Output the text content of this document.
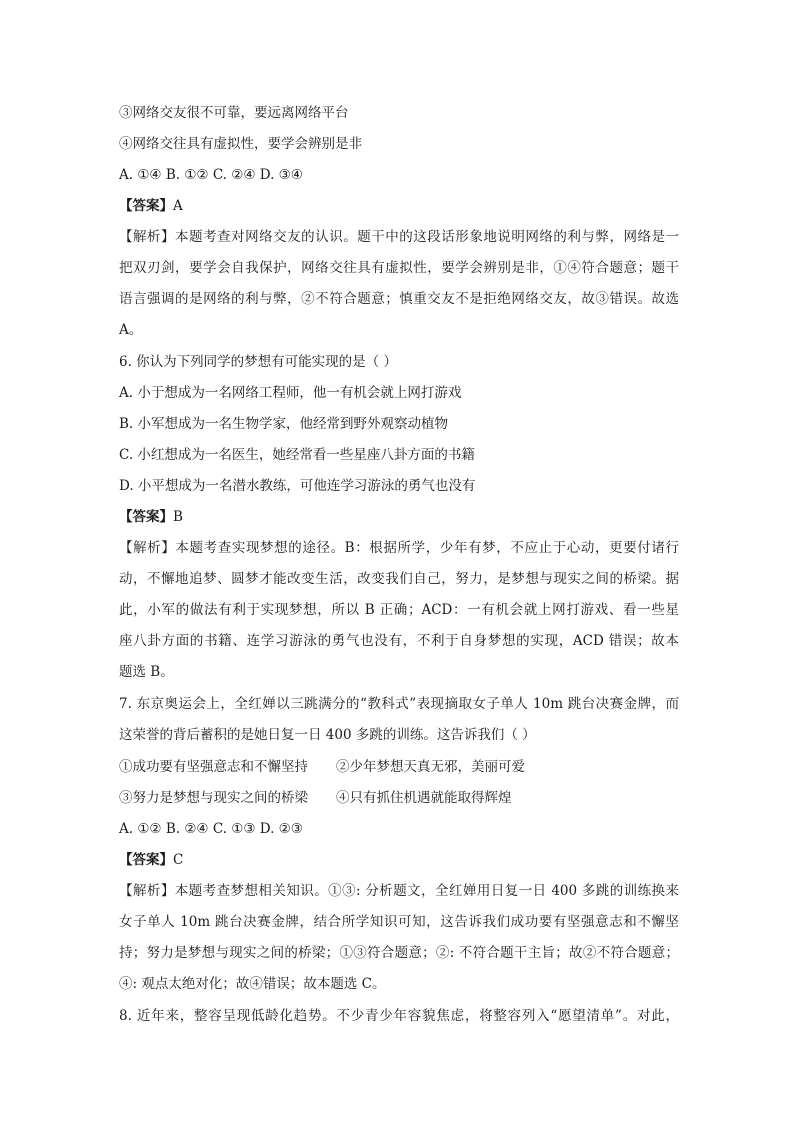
③网络交友很不可靠，要远离网络平台
④网络交往具有虚拟性，要学会辨别是非
A. ①④ B. ①② C. ②④ D. ③④
【答案】A
【解析】本题考查对网络交友的认识。题干中的这段话形象地说明网络的利与弊，网络是一
把双刃剑，要学会自我保护，网络交往具有虚拟性，要学会辨别是非，①④符合题意；题干
语言强调的是网络的利与弊，②不符合题意；慎重交友不是拒绝网络交友，故③错误。故选
A。
6. 你认为下列同学的梦想有可能实现的是（ ）
A. 小于想成为一名网络工程师，他一有机会就上网打游戏
B. 小军想成为一名生物学家，他经常到野外观察动植物
C. 小红想成为一名医生，她经常看一些星座八卦方面的书籍
D. 小平想成为一名潜水教练，可他连学习游泳的勇气也没有
【答案】B
【解析】本题考查实现梦想的途径。B：根据所学，少年有梦，不应止于心动，更要付诸行
动，不懈地追梦、圆梦才能改变生活，改变我们自己，努力，是梦想与现实之间的桥梁。据
此，小军的做法有利于实现梦想，所以 B 正确；ACD：一有机会就上网打游戏、看一些星
座八卦方面的书籍、连学习游泳的勇气也没有，不利于自身梦想的实现，ACD 错误；故本
题选 B。
7. 东京奥运会上，全红婵以三跳满分的“教科式”表现摘取女子单人 10m 跳台决赛金牌，而
这荣誉的背后蓄积的是她日复一日 400 多跳的训练。这告诉我们（ ）
①成功要有坚强意志和不懈坚持 ②少年梦想天真无邪，美丽可爱
③努力是梦想与现实之间的桥梁 ④只有抓住机遇就能取得辉煌
A. ①② B. ②④ C. ①③ D. ②③
【答案】C
【解析】本题考查梦想相关知识。①③: 分析题文，全红婵用日复一日 400 多跳的训练换来
女子单人 10m 跳台决赛金牌，结合所学知识可知，这告诉我们成功要有坚强意志和不懈坚
持；努力是梦想与现实之间的桥梁；①③符合题意；②: 不符合题干主旨；故②不符合题意；
④: 观点太绝对化；故④错误；故本题选 C。
8. 近年来，整容呈现低龄化趋势。不少青少年容貌焦虑，将整容列入“愿望清单”。对此，
